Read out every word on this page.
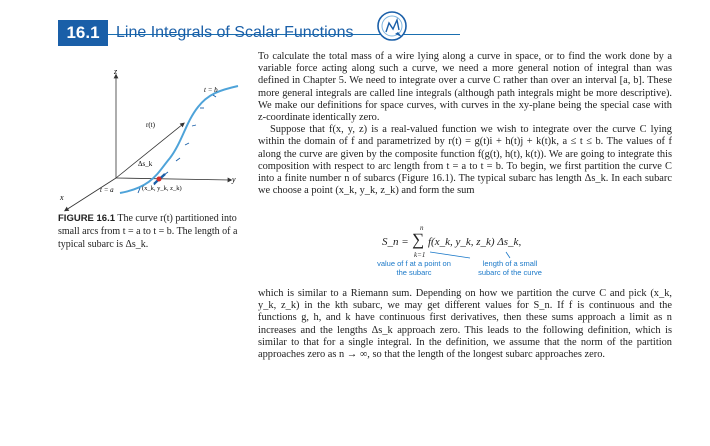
16.1	Line Integrals of Scalar Functions
z
y
x
r(t)
t = b
t = a
Δs_k
(x_k, y_k, z_k)
FIGURE 16.1 The curve r(t) partitioned into small arcs from t = a to t = b. The length of a typical subarc is Δs_k.

To calculate the total mass of a wire lying along a curve in space, or to find the work done by a variable force acting along such a curve, we need a more general notion of integral than was defined in Chapter 5. We need to integrate over a curve C rather than over an interval [a, b]. These more general integrals are called line integrals (although path integrals might be more descriptive). We make our definitions for space curves, with curves in the xy-plane being the special case with z-coordinate identically zero.

Suppose that f(x, y, z) is a real-valued function we wish to integrate over the curve C lying within the domain of f and parametrized by r(t) = g(t)i + h(t)j + k(t)k, a ≤ t ≤ b. The values of f along the curve are given by the composite function f(g(t), h(t), k(t)). We are going to integrate this composition with respect to arc length from t = a to t = b. To begin, we first partition the curve C into a finite number n of subarcs (Figure 16.1). The typical subarc has length Δs_k. In each subarc we choose a point (x_k, y_k, z_k) and form the sum

S_n =
n
∑
k=1
f(x_k, y_k, z_k) Δs_k,
value of f at a point on the subarc
length of a small subarc of the curve

which is similar to a Riemann sum. Depending on how we partition the curve C and pick (x_k, y_k, z_k) in the kth subarc, we may get different values for S_n. If f is continuous and the functions g, h, and k have continuous first derivatives, then these sums approach a limit as n increases and the lengths Δs_k approach zero. This leads to the following definition, which is similar to that for a single integral. In the definition, we assume that the norm of the partition approaches zero as n → ∞, so that the length of the longest subarc approaches zero.
